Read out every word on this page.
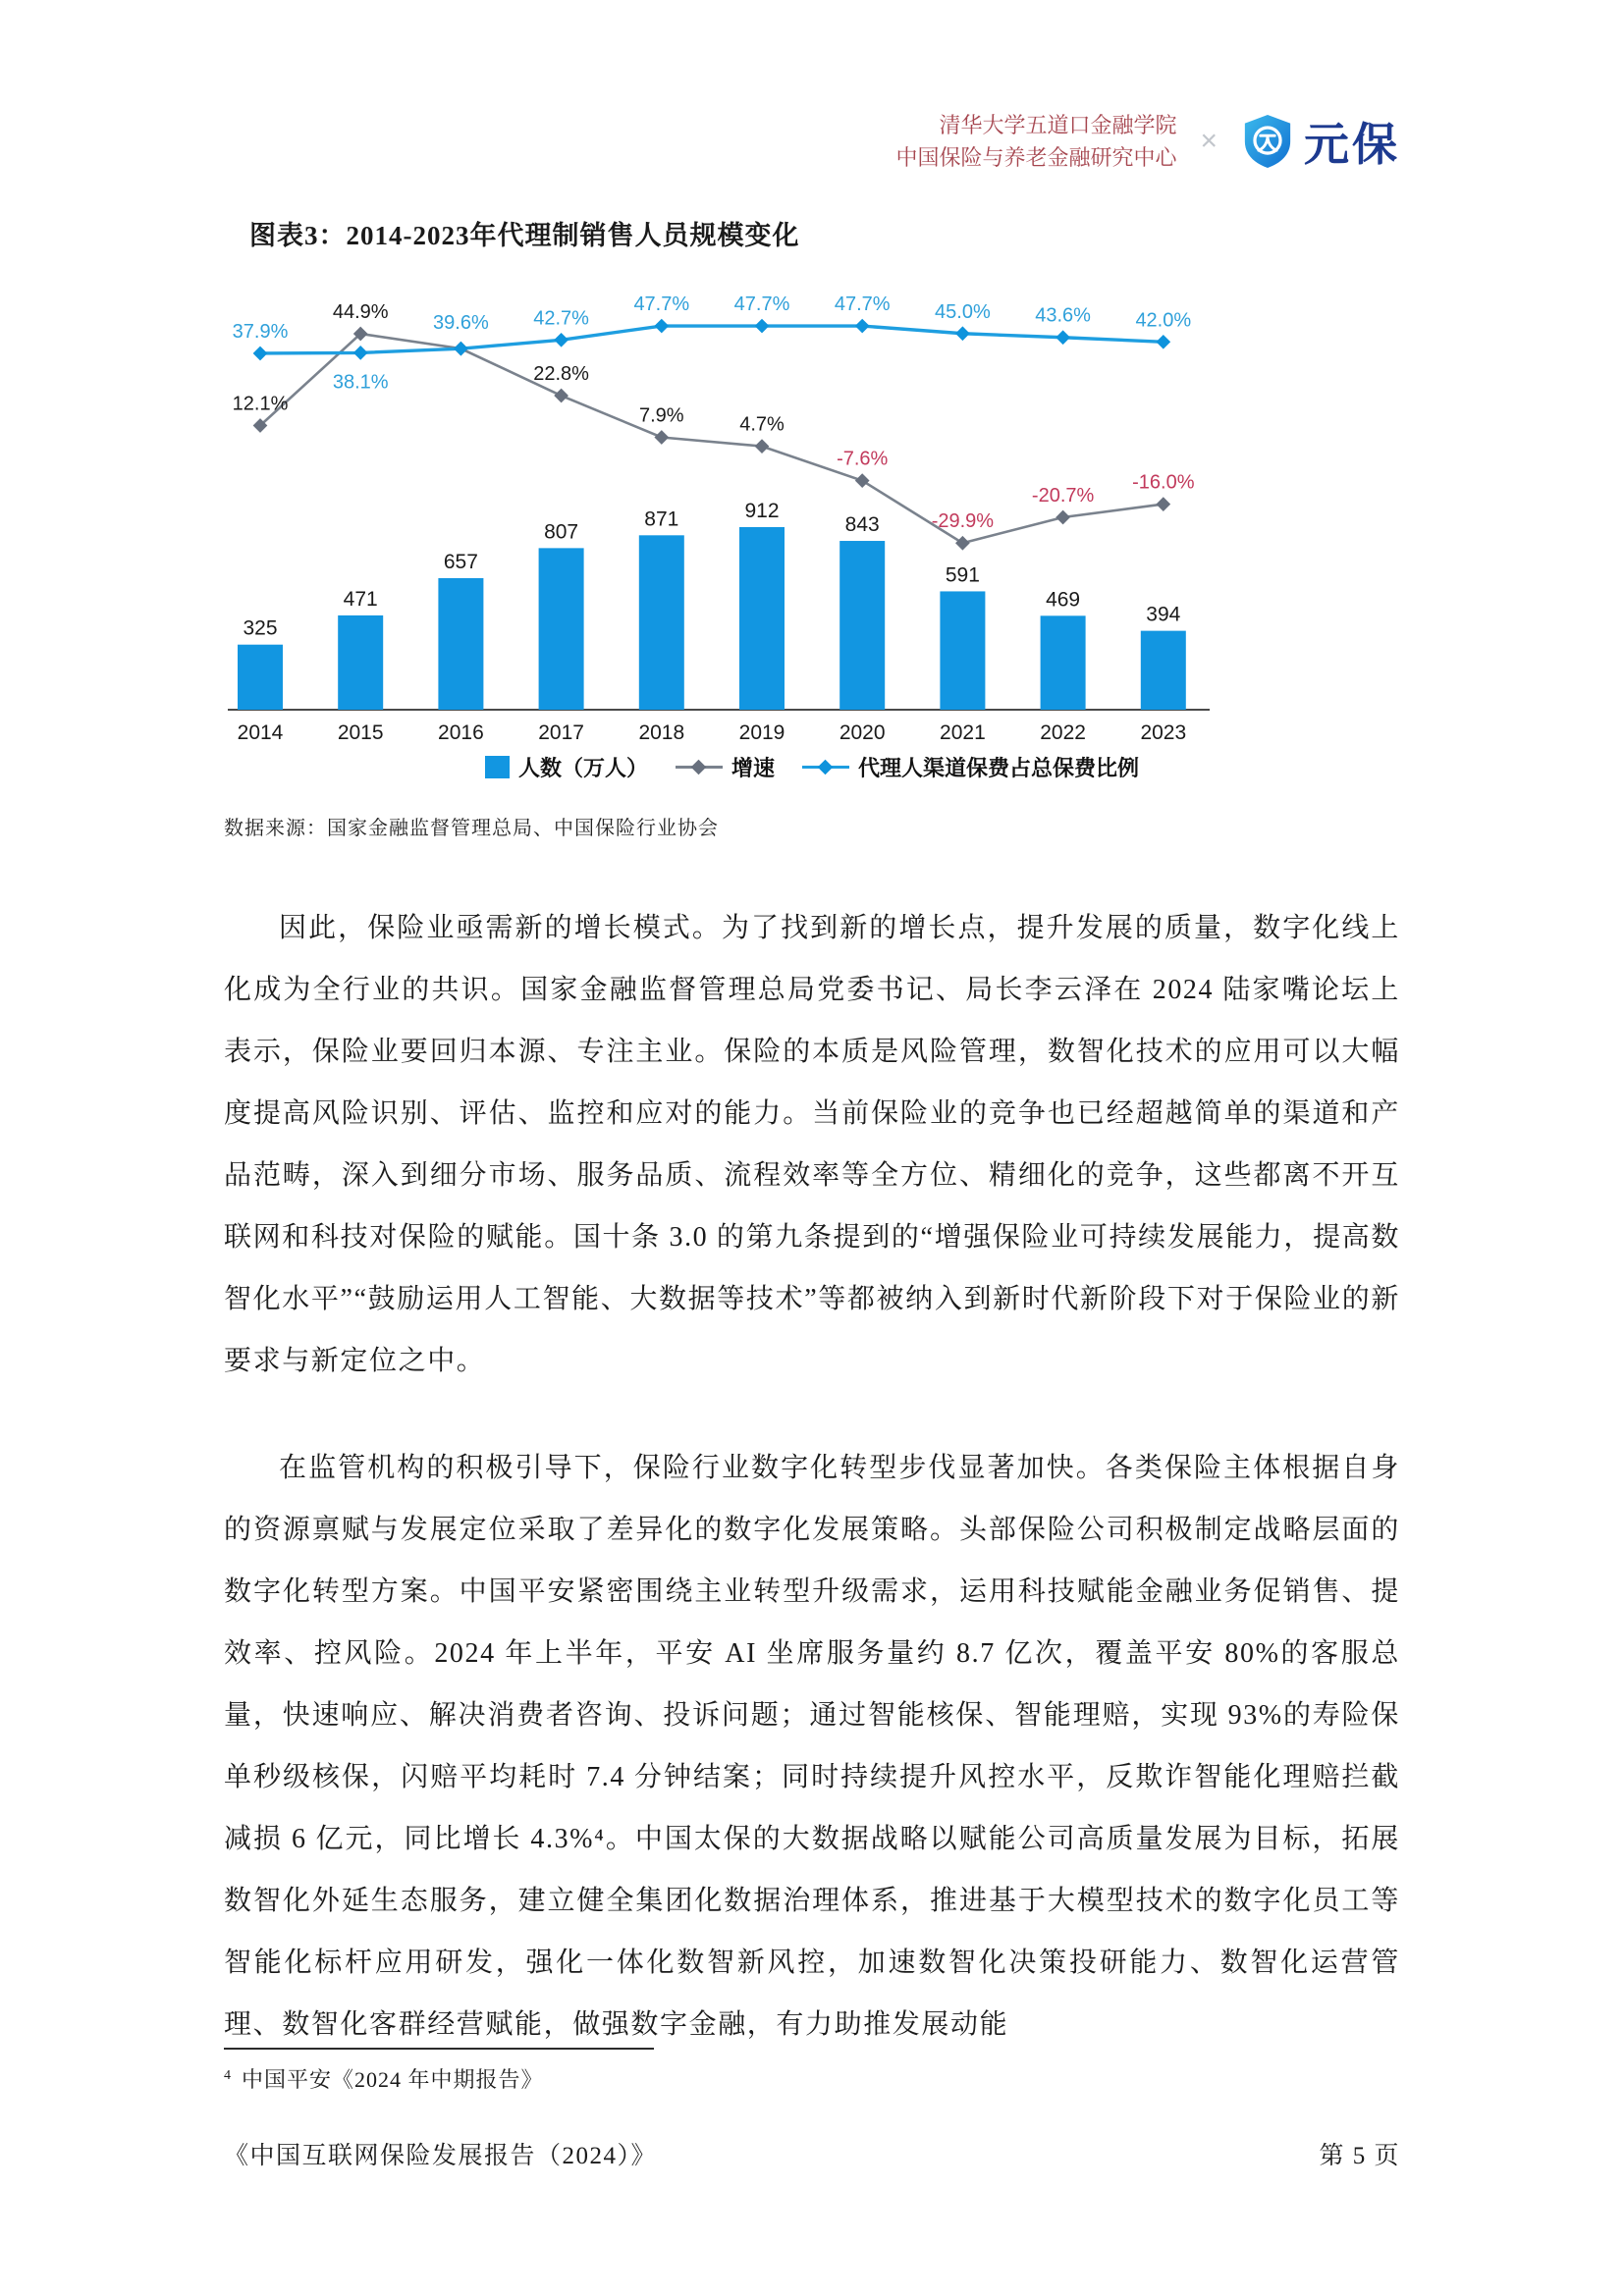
清华大学五道口金融学院
中国保险与养老金融研究中心
× 元保
图表3：2014-2023年代理制销售人员规模变化
325
2014
471
2015
657
2016
807
2017
871
2018
912
2019
843
2020
591
2021
469
2022
394
2023
12.1%
44.9%
22.8%
7.9%	4.7%
-7.6%
-29.9%
-20.7%
-16.0%
37.9%
38.1%
39.6% 42.7%
47.7% 47.7% 47.7% 45.0% 43.6% 42.0%
人数（万人）	增速	代理人渠道保费占总保费比例
数据来源：国家金融监督管理总局、中国保险行业协会

因此，保险业亟需新的增长模式。为了找到新的增长点，提升发展的质量，数字化线上化成为全行业的共识。国家金融监督管理总局党委书记、局长李云泽在 2024 陆家嘴论坛上表示，保险业要回归本源、专注主业。保险的本质是风险管理，数智化技术的应用可以大幅度提高风险识别、评估、监控和应对的能力。当前保险业的竞争也已经超越简单的渠道和产品范畴，深入到细分市场、服务品质、流程效率等全方位、精细化的竞争，这些都离不开互联网和科技对保险的赋能。国十条 3.0 的第九条提到的“增强保险业可持续发展能力，提高数智化水平”“鼓励运用人工智能、大数据等技术”等都被纳入到新时代新阶段下对于保险业的新要求与新定位之中。

在监管机构的积极引导下，保险行业数字化转型步伐显著加快。各类保险主体根据自身的资源禀赋与发展定位采取了差异化的数字化发展策略。头部保险公司积极制定战略层面的数字化转型方案。中国平安紧密围绕主业转型升级需求，运用科技赋能金融业务促销售、提效率、控风险。2024 年上半年，平安 AI 坐席服务量约 8.7 亿次，覆盖平安 80%的客服总量，快速响应、解决消费者咨询、投诉问题；通过智能核保、智能理赔，实现 93%的寿险保单秒级核保，闪赔平均耗时 7.4 分钟结案；同时持续提升风控水平，反欺诈智能化理赔拦截减损 6 亿元，同比增长 4.3%⁴。中国太保的大数据战略以赋能公司高质量发展为目标，拓展数智化外延生态服务，建立健全集团化数据治理体系，推进基于大模型技术的数字化员工等智能化标杆应用研发，强化一体化数智新风控，加速数智化决策投研能力、数智化运营管理、数智化客群经营赋能，做强数字金融，有力助推发展动能

$^4$ 中国平安《2024 年中期报告》
《中国互联网保险发展报告（2024）》	第 5 页
